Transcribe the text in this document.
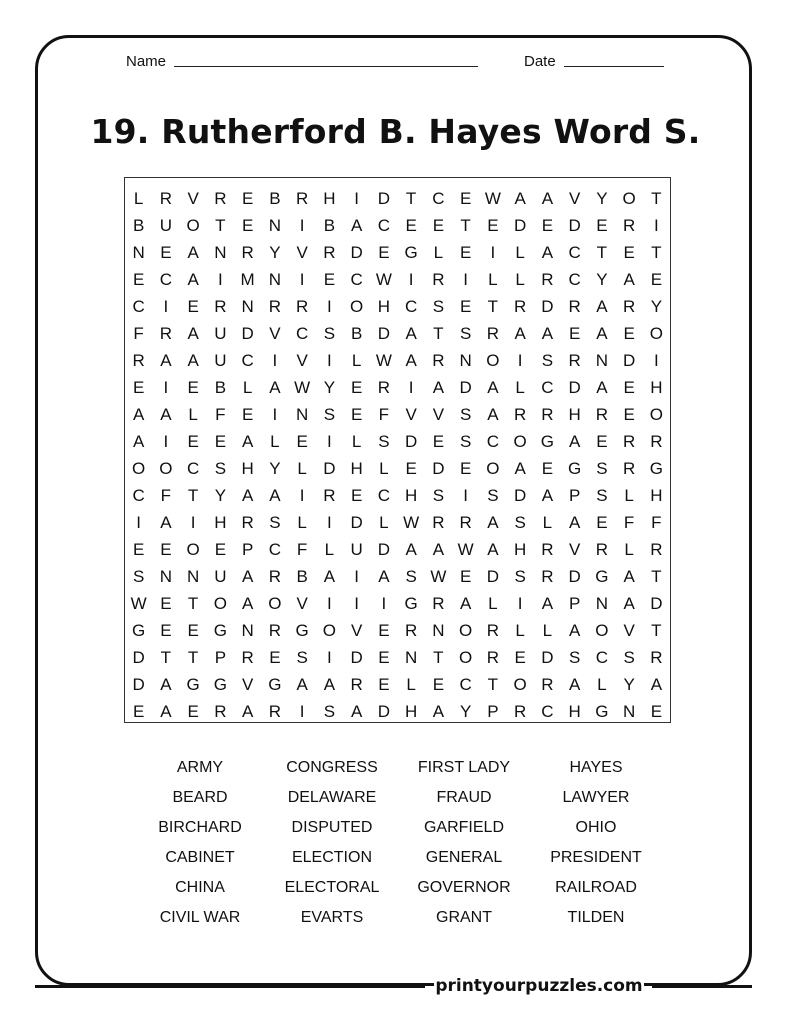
Name	Date
19. Rutherford B. Hayes Word S.
L R V R E B R H	I	D T C E W A A V Y O T
B U O T E N	I	B A C E E T E D E D E R	I
N E A N R Y V R D E G L E	I	L A C T E T
E C A	I	M N	I	E C W I	R	I	L	L R C Y A E
C	I	E R N R R	I	O H C S E T R D R A R Y
F R A U D V C S B D A T S R A A E A E O
R A A U C	I	V	I	L W A R N O	I	S R N D	I
E	I	E B L A W Y E R	I	A D A L C D A E H
A A L	F E	I	N S E F V V S A R R H R E O
A	I	E E A L E	I	L S D E S C O G A E R R
O O C S H Y L D H L E D E O A E G S R G
C F T Y A A	I	R E C H S	I	S D A P S L H
I	A	I	H R S L	I	D L W R R A S L A E F F
E E O E P C F	L U D A A W A H R V R L R
S N N U A R B A	I	A S W E D S R D G A T
W E T O A O V	I	I	I	G R A L	I	A P N A D
G E E G N R G O V E R N O R L	L A O V T
D T T P R E S	I	D E N T O R E D S C S R
D A G G V G A A R E L E C T O R A L Y A
E A E R A R	I	S A D H A Y P R C H G N E
ARMY	CONGRESS	FIRST LADY	HAYES
BEARD	DELAWARE	FRAUD	LAWYER
BIRCHARD	DISPUTED	GARFIELD	OHIO
CABINET	ELECTION	GENERAL	PRESIDENT
CHINA	ELECTORAL	GOVERNOR	RAILROAD
CIVIL WAR	EVARTS	GRANT	TILDEN
printyourpuzzles.com
